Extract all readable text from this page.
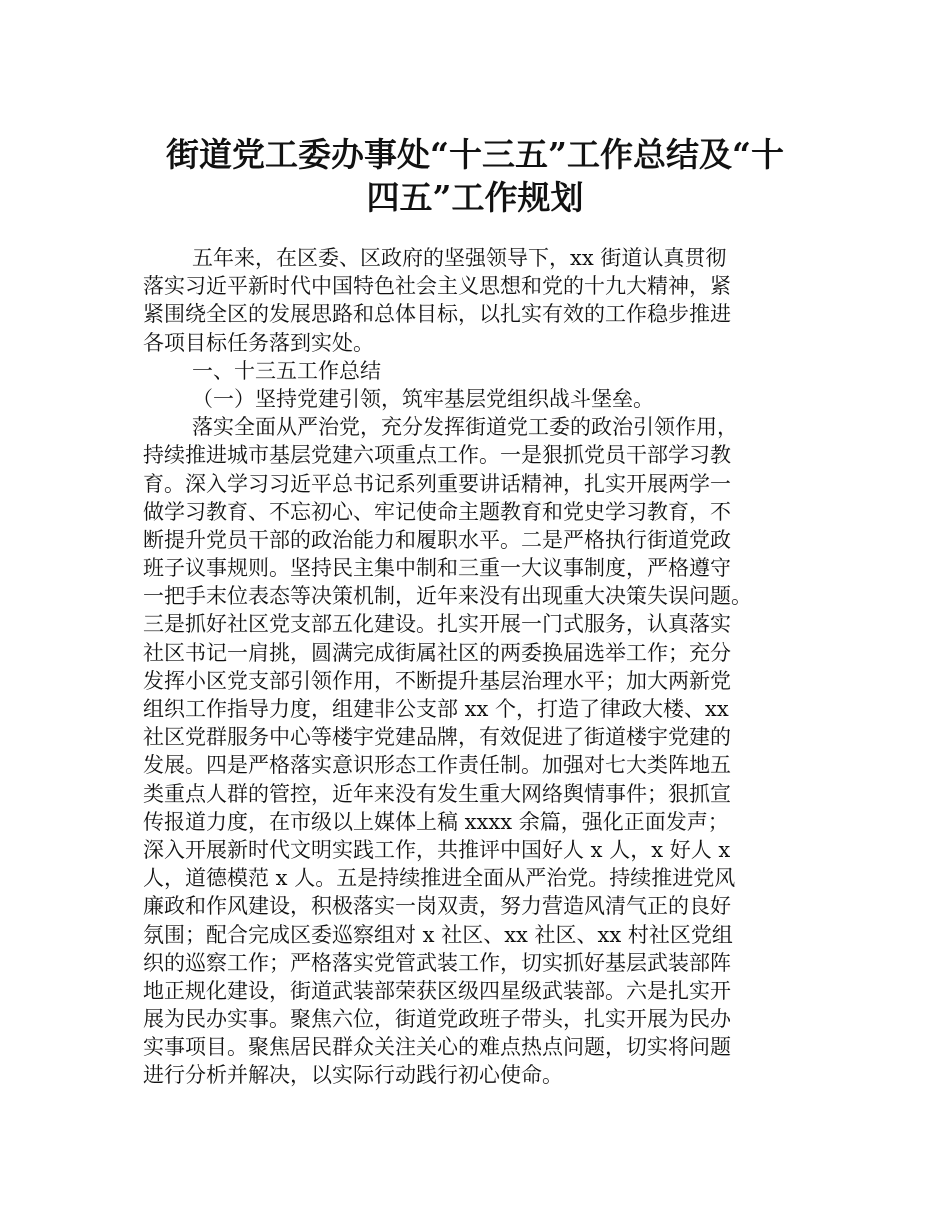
街道党工委办事处“十三五”工作总结及“十
四五”工作规划
五年来，在区委、区政府的坚强领导下，xx 街道认真贯彻
落实习近平新时代中国特色社会主义思想和党的十九大精神，紧
紧围绕全区的发展思路和总体目标，以扎实有效的工作稳步推进
各项目标任务落到实处。
一、十三五工作总结
（一）坚持党建引领，筑牢基层党组织战斗堡垒。
落实全面从严治党，充分发挥街道党工委的政治引领作用，
持续推进城市基层党建六项重点工作。一是狠抓党员干部学习教
育。深入学习习近平总书记系列重要讲话精神，扎实开展两学一
做学习教育、不忘初心、牢记使命主题教育和党史学习教育，不
断提升党员干部的政治能力和履职水平。二是严格执行街道党政
班子议事规则。坚持民主集中制和三重一大议事制度，严格遵守
一把手末位表态等决策机制，近年来没有出现重大决策失误问题。
三是抓好社区党支部五化建设。扎实开展一门式服务，认真落实
社区书记一肩挑，圆满完成街属社区的两委换届选举工作；充分
发挥小区党支部引领作用，不断提升基层治理水平；加大两新党
组织工作指导力度，组建非公支部 xx 个，打造了律政大楼、xx
社区党群服务中心等楼宇党建品牌，有效促进了街道楼宇党建的
发展。四是严格落实意识形态工作责任制。加强对七大类阵地五
类重点人群的管控，近年来没有发生重大网络舆情事件；狠抓宣
传报道力度，在市级以上媒体上稿 xxxx 余篇，强化正面发声；
深入开展新时代文明实践工作，共推评中国好人 x 人，x 好人 x
人，道德模范 x 人。五是持续推进全面从严治党。持续推进党风
廉政和作风建设，积极落实一岗双责，努力营造风清气正的良好
氛围；配合完成区委巡察组对 x 社区、xx 社区、xx 村社区党组
织的巡察工作；严格落实党管武装工作，切实抓好基层武装部阵
地正规化建设，街道武装部荣获区级四星级武装部。六是扎实开
展为民办实事。聚焦六位，街道党政班子带头，扎实开展为民办
实事项目。聚焦居民群众关注关心的难点热点问题，切实将问题
进行分析并解决，以实际行动践行初心使命。
